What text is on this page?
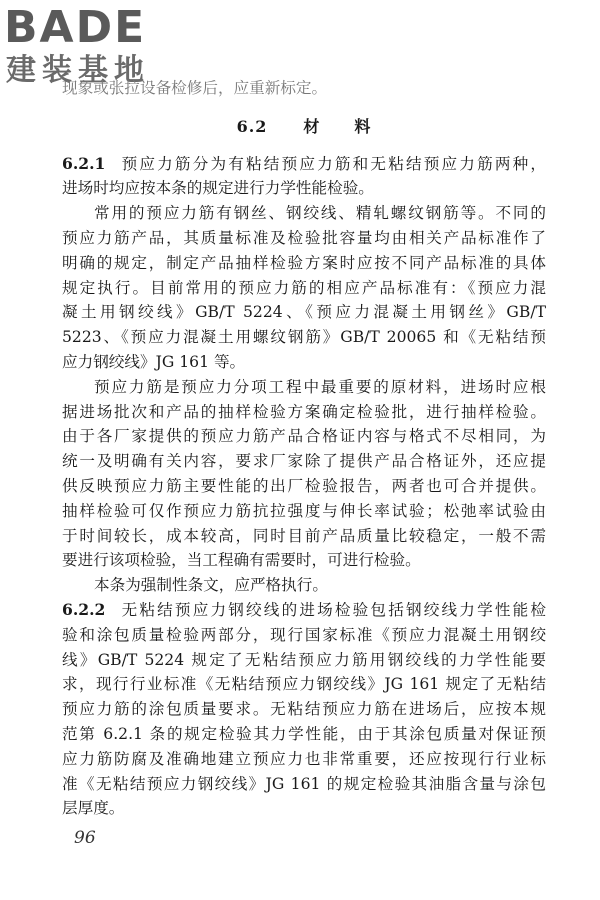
BADE
建装基地
现象或张拉设备检修后，应重新标定。
6.2 材　　料
6.2.1 预应力筋分为有粘结预应力筋和无粘结预应力筋两种，
进场时均应按本条的规定进行力学性能检验。
常用的预应力筋有钢丝、钢绞线、精轧螺纹钢筋等。不同的
预应力筋产品，其质量标准及检验批容量均由相关产品标准作了
明确的规定，制定产品抽样检验方案时应按不同产品标准的具体
规定执行。目前常用的预应力筋的相应产品标准有：《预应力混
凝土用钢绞线》GB/T 5224、《预应力混凝土用钢丝》GB/T
5223、《预应力混凝土用螺纹钢筋》GB/T 20065 和《无粘结预
应力钢绞线》JG 161 等。
预应力筋是预应力分项工程中最重要的原材料，进场时应根
据进场批次和产品的抽样检验方案确定检验批，进行抽样检验。
由于各厂家提供的预应力筋产品合格证内容与格式不尽相同，为
统一及明确有关内容，要求厂家除了提供产品合格证外，还应提
供反映预应力筋主要性能的出厂检验报告，两者也可合并提供。
抽样检验可仅作预应力筋抗拉强度与伸长率试验；松弛率试验由
于时间较长，成本较高，同时目前产品质量比较稳定，一般不需
要进行该项检验，当工程确有需要时，可进行检验。
本条为强制性条文，应严格执行。
6.2.2 无粘结预应力钢绞线的进场检验包括钢绞线力学性能检
验和涂包质量检验两部分，现行国家标准《预应力混凝土用钢绞
线》GB/T 5224 规定了无粘结预应力筋用钢绞线的力学性能要
求，现行行业标准《无粘结预应力钢绞线》JG 161 规定了无粘结
预应力筋的涂包质量要求。无粘结预应力筋在进场后，应按本规
范第 6.2.1 条的规定检验其力学性能，由于其涂包质量对保证预
应力筋防腐及准确地建立预应力也非常重要，还应按现行行业标
准《无粘结预应力钢绞线》JG 161 的规定检验其油脂含量与涂包
层厚度。
96
